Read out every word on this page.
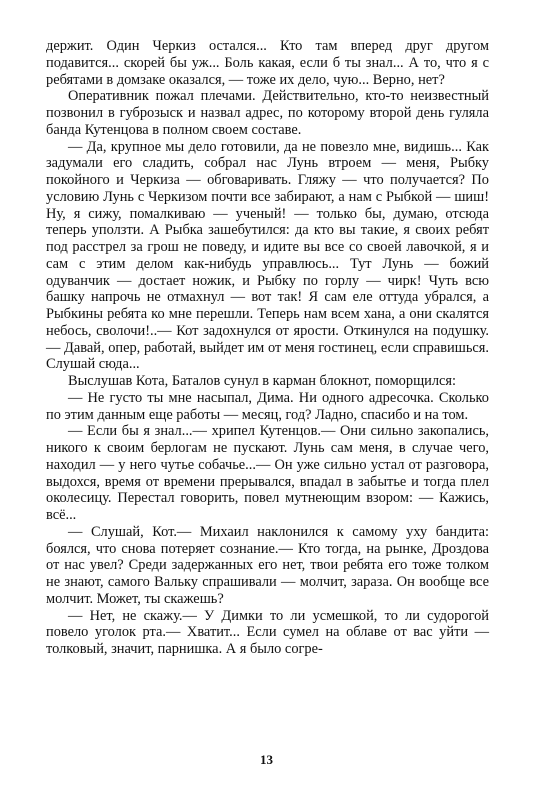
держит. Один Черкиз остался... Кто там вперед друг другом подавится... скорей бы уж... Боль какая, если б ты знал... А то, что я с ребятами в домзаке оказался, — тоже их дело, чую... Верно, нет?

Оперативник пожал плечами. Действительно, кто-то неизвестный позвонил в губрозыск и назвал адрес, по которому второй день гуляла банда Кутенцова в полном своем составе.

— Да, крупное мы дело готовили, да не повезло мне, видишь... Как задумали его сладить, собрал нас Лунь втроем — меня, Рыбку покойного и Черкиза — обговаривать. Гляжу — что получается? По условию Лунь с Черкизом почти все забирают, а нам с Рыбкой — шиш! Ну, я сижу, помалкиваю — ученый! — только бы, думаю, отсюда теперь уползти. А Рыбка зашебутился: да кто вы такие, я своих ребят под расстрел за грош не поведу, и идите вы все со своей лавочкой, я и сам с этим делом как-нибудь управлюсь... Тут Лунь — божий одуванчик — достает ножик, и Рыбку по горлу — чирк! Чуть всю башку напрочь не отмахнул — вот так! Я сам еле оттуда убрался, а Рыбкины ребята ко мне перешли. Теперь нам всем хана, а они скалятся небось, сволочи!..— Кот задохнулся от ярости. Откинулся на подушку.— Давай, опер, работай, выйдет им от меня гостинец, если справишься. Слушай сюда...

Выслушав Кота, Баталов сунул в карман блокнот, поморщился:

— Не густо ты мне насыпал, Дима. Ни одного адресочка. Сколько по этим данным еще работы — месяц, год? Ладно, спасибо и на том.

— Если бы я знал...— хрипел Кутенцов.— Они сильно закопались, никого к своим берлогам не пускают. Лунь сам меня, в случае чего, находил — у него чутье собачье...— Он уже сильно устал от разговора, выдохся, время от времени прерывался, впадал в забытье и тогда плел околесицу. Перестал говорить, повел мутнеющим взором: — Кажись, всё...

— Слушай, Кот.— Михаил наклонился к самому уху бандита: боялся, что снова потеряет сознание.— Кто тогда, на рынке, Дроздова от нас увел? Среди задержанных его нет, твои ребята его тоже толком не знают, самого Вальку спрашивали — молчит, зараза. Он вообще все молчит. Может, ты скажешь?

— Нет, не скажу.— У Димки то ли усмешкой, то ли судорогой повело уголок рта.— Хватит... Если сумел на облаве от вас уйти — толковый, значит, парнишка. А я было согре-

13
